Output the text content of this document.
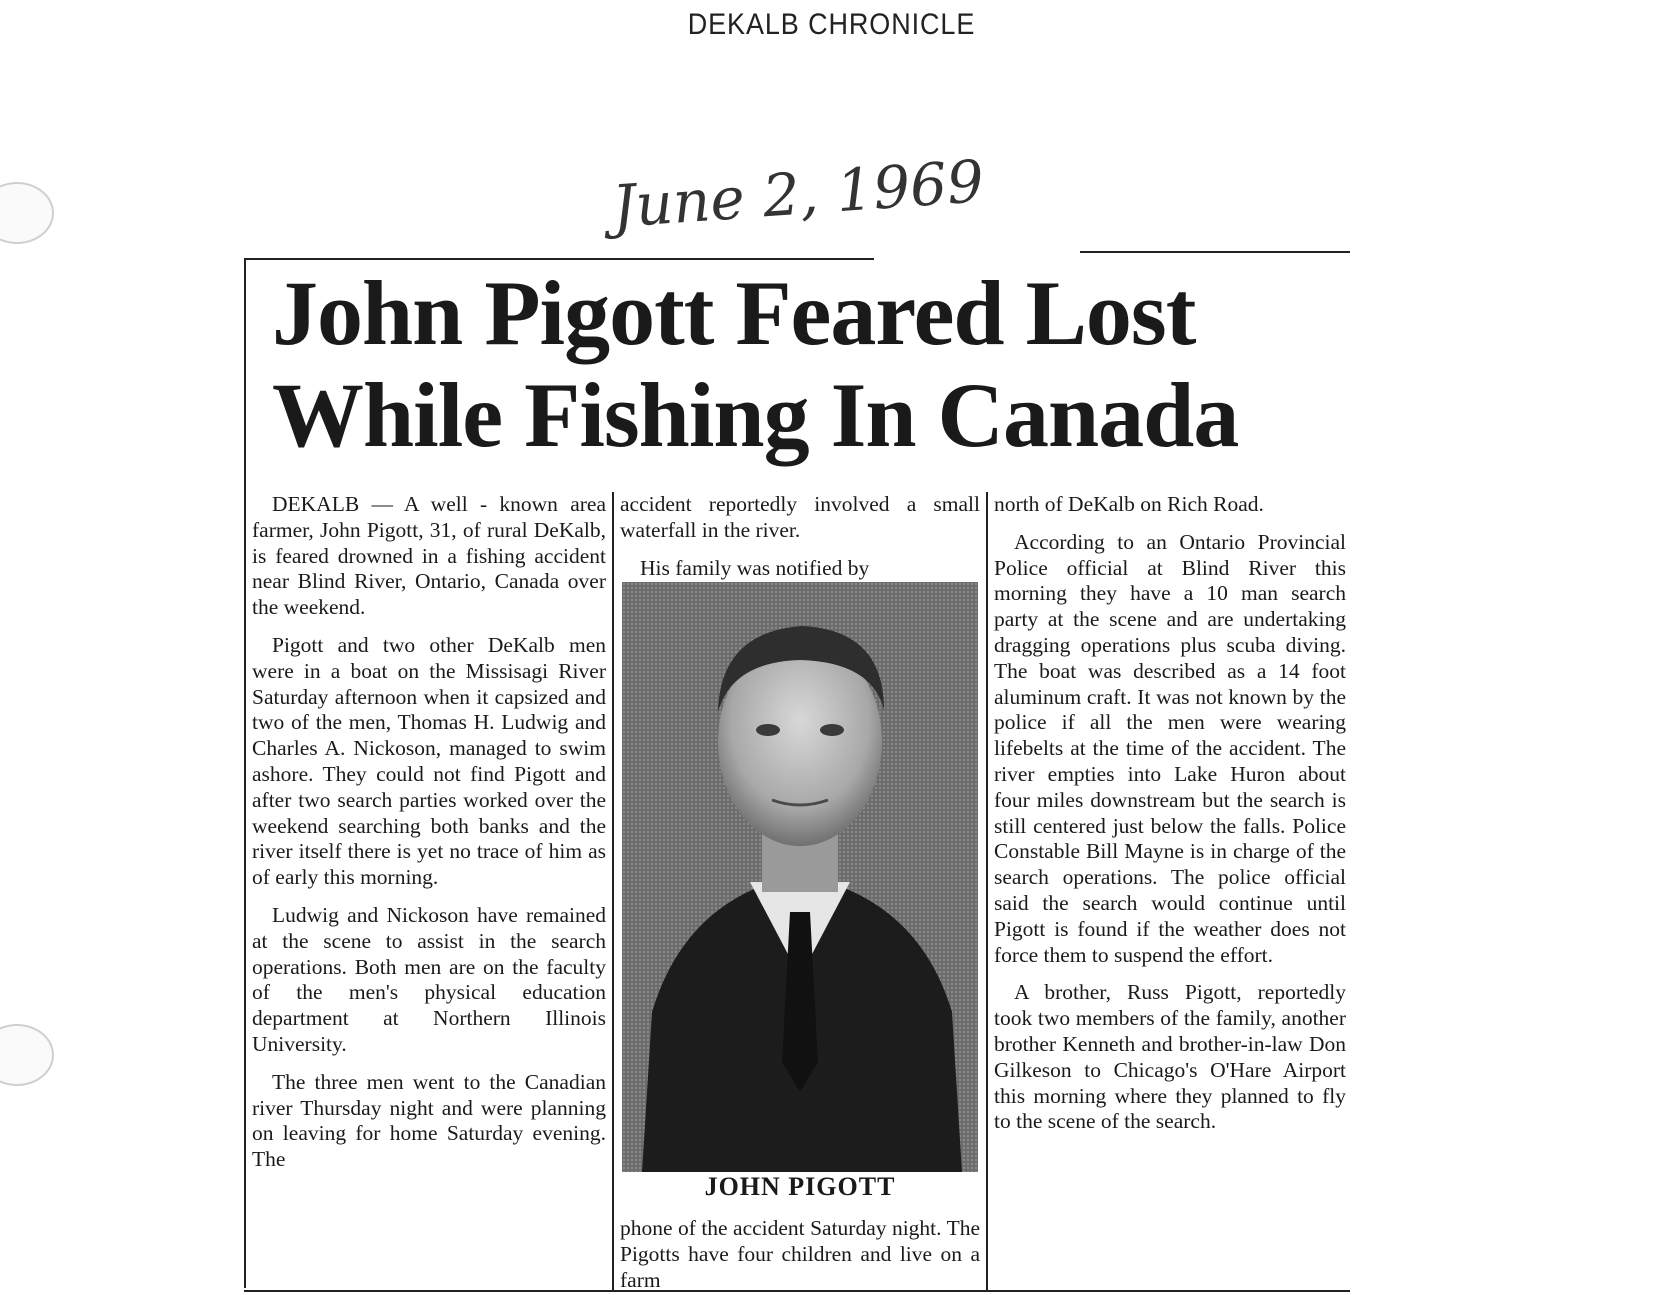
DEKALB CHRONICLE
June 2, 1969
John Pigott Feared Lost
While Fishing In Canada

DEKALB — A well - known area farmer, John Pigott, 31, of rural DeKalb, is feared drowned in a fishing accident near Blind River, Ontario, Canada over the weekend.

Pigott and two other DeKalb men were in a boat on the Missisagi River Saturday afternoon when it capsized and two of the men, Thomas H. Ludwig and Charles A. Nickoson, managed to swim ashore. They could not find Pigott and after two search parties worked over the weekend searching both banks and the river itself there is yet no trace of him as of early this morning.

Ludwig and Nickoson have remained at the scene to assist in the search operations. Both men are on the faculty of the men's physical education department at Northern Illinois University.

The three men went to the Canadian river Thursday night and were planning on leaving for home Saturday evening. The

accident reportedly involved a small waterfall in the river.

His family was notified by

JOHN PIGOTT

phone of the accident Saturday night. The Pigotts have four children and live on a farm

north of DeKalb on Rich Road.

According to an Ontario Provincial Police official at Blind River this morning they have a 10 man search party at the scene and are undertaking dragging operations plus scuba diving. The boat was described as a 14 foot aluminum craft. It was not known by the police if all the men were wearing lifebelts at the time of the accident. The river empties into Lake Huron about four miles downstream but the search is still centered just below the falls. Police Constable Bill Mayne is in charge of the search operations. The police official said the search would continue until Pigott is found if the weather does not force them to suspend the effort.

A brother, Russ Pigott, reportedly took two members of the family, another brother Kenneth and brother-in-law Don Gilkeson to Chicago's O'Hare Airport this morning where they planned to fly to the scene of the search.
